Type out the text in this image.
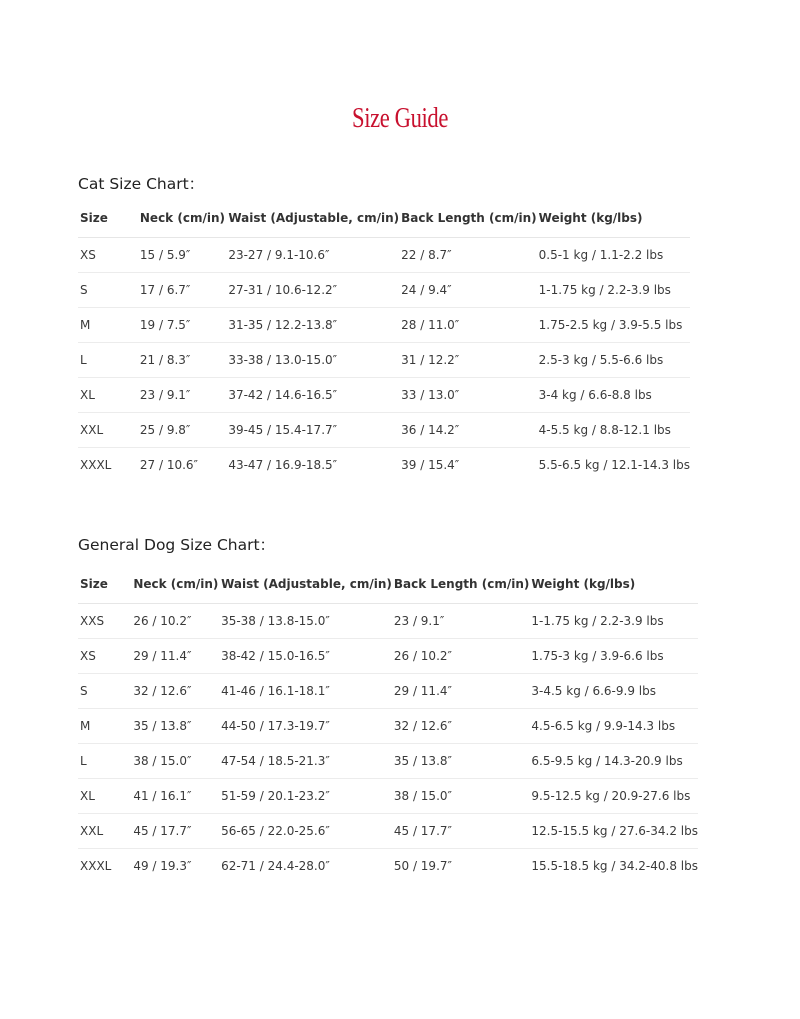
Size Guide
Cat Size Chart：
Size	Neck (cm/in)	Waist (Adjustable, cm/in)	Back Length (cm/in)	Weight (kg/lbs)
XS	15 / 5.9″	23-27 / 9.1-10.6″	22 / 8.7″	0.5-1 kg / 1.1-2.2 lbs
S	17 / 6.7″	27-31 / 10.6-12.2″	24 / 9.4″	1-1.75 kg / 2.2-3.9 lbs
M	19 / 7.5″	31-35 / 12.2-13.8″	28 / 11.0″	1.75-2.5 kg / 3.9-5.5 lbs
L	21 / 8.3″	33-38 / 13.0-15.0″	31 / 12.2″	2.5-3 kg / 5.5-6.6 lbs
XL	23 / 9.1″	37-42 / 14.6-16.5″	33 / 13.0″	3-4 kg / 6.6-8.8 lbs
XXL	25 / 9.8″	39-45 / 15.4-17.7″	36 / 14.2″	4-5.5 kg / 8.8-12.1 lbs
XXXL	27 / 10.6″	43-47 / 16.9-18.5″	39 / 15.4″	5.5-6.5 kg / 12.1-14.3 lbs
General Dog Size Chart：
Size	Neck (cm/in)	Waist (Adjustable, cm/in)	Back Length (cm/in)	Weight (kg/lbs)
XXS	26 / 10.2″	35-38 / 13.8-15.0″	23 / 9.1″	1-1.75 kg / 2.2-3.9 lbs
XS	29 / 11.4″	38-42 / 15.0-16.5″	26 / 10.2″	1.75-3 kg / 3.9-6.6 lbs
S	32 / 12.6″	41-46 / 16.1-18.1″	29 / 11.4″	3-4.5 kg / 6.6-9.9 lbs
M	35 / 13.8″	44-50 / 17.3-19.7″	32 / 12.6″	4.5-6.5 kg / 9.9-14.3 lbs
L	38 / 15.0″	47-54 / 18.5-21.3″	35 / 13.8″	6.5-9.5 kg / 14.3-20.9 lbs
XL	41 / 16.1″	51-59 / 20.1-23.2″	38 / 15.0″	9.5-12.5 kg / 20.9-27.6 lbs
XXL	45 / 17.7″	56-65 / 22.0-25.6″	45 / 17.7″	12.5-15.5 kg / 27.6-34.2 lbs
XXXL	49 / 19.3″	62-71 / 24.4-28.0″	50 / 19.7″	15.5-18.5 kg / 34.2-40.8 lbs
